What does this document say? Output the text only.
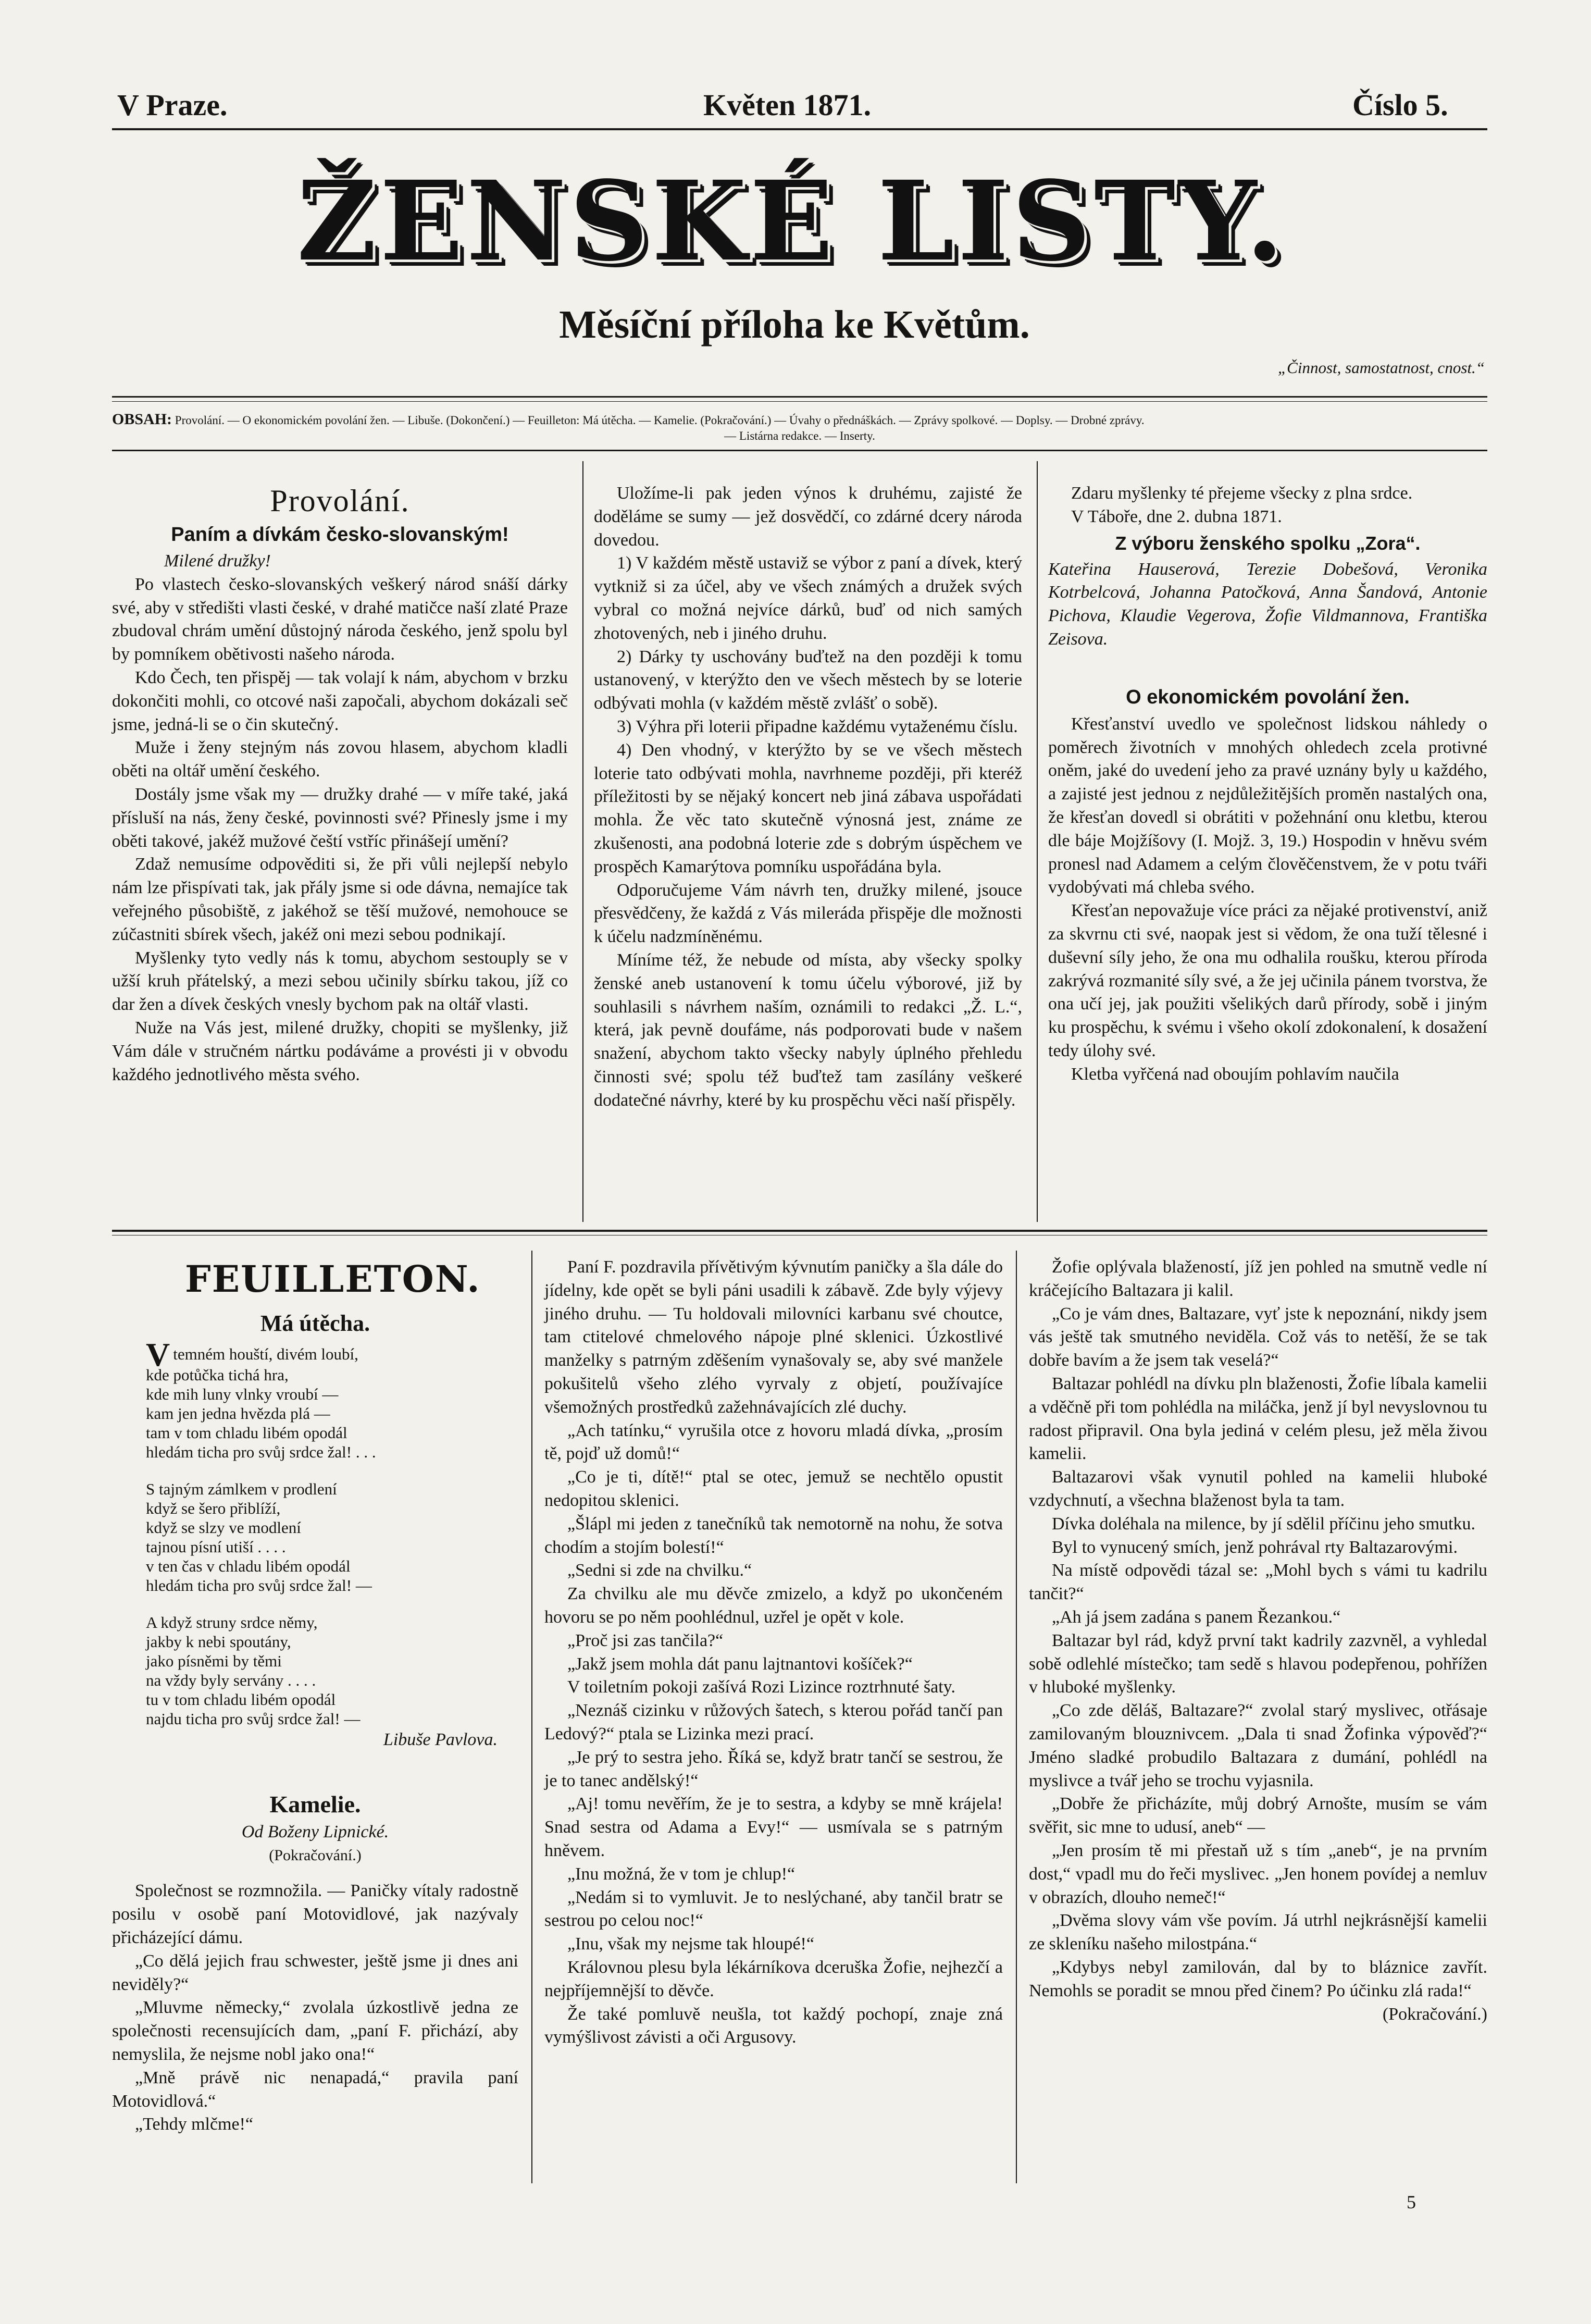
V Praze.	Květen 1871.	Číslo 5.
ŽENSKÉ LISTY.
Měsíční příloha ke Květům.
„Činnost, samostatnost, cnost.“
OBSAH: Provolání. — O ekonomickém povolání žen. — Libuše. (Dokončení.) — Feuilleton: Má útěcha. — Kamelie. (Pokračování.) — Úvahy o přednáškách. — Zprávy spolkové. — Doplsy. — Drobné zprávy.
— Listárna redakce. — Inserty.

Provolání.

Paním a dívkám česko-slovanským!

Milené družky!

Po vlastech česko-slovanských veškerý národ snáší dárky své, aby v středišti vlasti české, v drahé matičce naší zlaté Praze zbudoval chrám umění důstojný národa českého, jenž spolu byl by pomníkem obětivosti našeho národa.

Kdo Čech, ten přispěj — tak volají k nám, abychom v brzku dokončiti mohli, co otcové naši započali, abychom dokázali seč jsme, jedná-li se o čin skutečný.

Muže i ženy stejným nás zovou hlasem, abychom kladli oběti na oltář umění českého.

Dostály jsme však my — družky drahé — v míře také, jaká přísluší na nás, ženy české, povinnosti své? Přinesly jsme i my oběti takové, jakéž mužové čeští vstříc přinášejí umění?

Zdaž nemusíme odpověditi si, že při vůli nejlepší nebylo nám lze přispívati tak, jak přály jsme si ode dávna, nemajíce tak veřejného působiště, z jakéhož se těší mužové, nemohouce se zúčastniti sbírek všech, jakéž oni mezi sebou podnikají.

Myšlenky tyto vedly nás k tomu, abychom sestouply se v užší kruh přátelský, a mezi sebou učinily sbírku takou, jíž co dar žen a dívek českých vnesly bychom pak na oltář vlasti.

Nuže na Vás jest, milené družky, chopiti se myšlenky, již Vám dále v stručném nártku podáváme a provésti ji v obvodu každého jednotlivého města svého.

Uložíme-li pak jeden výnos k druhému, zajisté že doděláme se sumy — jež dosvědčí, co zdárné dcery národa dovedou.

1) V každém městě ustaviž se výbor z paní a dívek, který vytkniž si za účel, aby ve všech známých a družek svých vybral co možná nejvíce dárků, buď od nich samých zhotovených, neb i jiného druhu.

2) Dárky ty uschovány buďtež na den později k tomu ustanovený, v kterýžto den ve všech městech by se loterie odbývati mohla (v každém městě zvlášť o sobě).

3) Výhra při loterii připadne každému vytaženému číslu.

4) Den vhodný, v kterýžto by se ve všech městech loterie tato odbývati mohla, navrhneme později, při kteréž příležitosti by se nějaký koncert neb jiná zábava uspořádati mohla. Že věc tato skutečně výnosná jest, známe ze zkušenosti, ana podobná loterie zde s dobrým úspěchem ve prospěch Kamarýtova pomníku uspořádána byla.

Odporučujeme Vám návrh ten, družky milené, jsouce přesvědčeny, že každá z Vás mileráda přispěje dle možnosti k účelu nadzmíněnému.

Míníme též, že nebude od místa, aby všecky spolky ženské aneb ustanovení k tomu účelu výborové, již by souhlasili s návrhem naším, oznámili to redakci „Ž. L.“, která, jak pevně doufáme, nás podporovati bude v našem snažení, abychom takto všecky nabyly úplného přehledu činnosti své; spolu též buďtež tam zasílány veškeré dodatečné návrhy, které by ku prospěchu věci naší přispěly.

Zdaru myšlenky té přejeme všecky z plna srdce.

V Táboře, dne 2. dubna 1871.

Z výboru ženského spolku „Zora“.

Kateřina Hauserová, Terezie Dobešová, Veronika Kotrbelcová, Johanna Patočková, Anna Šandová, Antonie Pichova, Klaudie Vegerova, Žofie Vildmannova, Františka Zeisova.

O ekonomickém povolání žen.

Křesťanství uvedlo ve společnost lidskou náhledy o poměrech životních v mnohých ohledech zcela protivné oněm, jaké do uvedení jeho za pravé uznány byly u každého, a zajisté jest jednou z nejdůležitějších proměn nastalých ona, že křesťan dovedl si obrátiti v požehnání onu kletbu, kterou dle báje Mojžíšovy (I. Mojž. 3, 19.) Hospodin v hněvu svém pronesl nad Adamem a celým člověčenstvem, že v potu tváři vydobývati má chleba svého.

Křesťan nepovažuje více práci za nějaké protivenství, aniž za skvrnu cti své, naopak jest si vědom, že ona tuží tělesné i duševní síly jeho, že ona mu odhalila roušku, kterou příroda zakrývá rozmanité síly své, a že jej učinila pánem tvorstva, že ona učí jej, jak použiti všelikých darů přírody, sobě i jiným ku prospěchu, k svému i všeho okolí zdokonalení, k dosažení tedy úlohy své.

Kletba vyřčená nad oboujím pohlavím naučila

FEUILLETON.

Má útěcha.

V temném houští, divém loubí,
kde potůčka tichá hra,
kde mih luny vlnky vroubí —
kam jen jedna hvězda plá —
tam v tom chladu libém opodál
hledám ticha pro svůj srdce žal! . . .
S tajným zámlkem v prodlení
když se šero přiblíží,
když se slzy ve modlení
tajnou písní utiší . . . .
v ten čas v chladu libém opodál
hledám ticha pro svůj srdce žal! —
A když struny srdce němy,
jakby k nebi spoutány,
jako písněmi by těmi
na vždy byly servány . . . .
tu v tom chladu libém opodál
najdu ticha pro svůj srdce žal! —

Libuše Pavlova.

Kamelie.

Od Boženy Lipnické.

(Pokračování.)

Společnost se rozmnožila. — Paničky vítaly radostně posilu v osobě paní Motovidlové, jak nazývaly přicházející dámu.

„Co dělá jejich frau schwester, ještě jsme ji dnes ani neviděly?“

„Mluvme německy,“ zvolala úzkostlivě jedna ze společnosti recensujících dam, „paní F. přichází, aby nemyslila, že nejsme nobl jako ona!“

„Mně právě nic nenapadá,“ pravila paní Motovidlová.“

„Tehdy mlčme!“

Paní F. pozdravila přívětivým kývnutím paničky a šla dále do jídelny, kde opět se byli páni usadili k zábavě. Zde byly výjevy jiného druhu. — Tu holdovali milovníci karbanu své choutce, tam ctitelové chmelového nápoje plné sklenici. Úzkostlivé manželky s patrným zděšením vynašovaly se, aby své manžele pokušitelů všeho zlého vyrvaly z objetí, používajíce všemožných prostředků zažehnávajících zlé duchy.

„Ach tatínku,“ vyrušila otce z hovoru mladá dívka, „prosím tě, pojď už domů!“

„Co je ti, dítě!“ ptal se otec, jemuž se nechtělo opustit nedopitou sklenici.

„Šlápl mi jeden z tanečníků tak nemotorně na nohu, že sotva chodím a stojím bolestí!“

„Sedni si zde na chvilku.“

Za chvilku ale mu děvče zmizelo, a když po ukončeném hovoru se po něm poohlédnul, uzřel je opět v kole.

„Proč jsi zas tančila?“

„Jakž jsem mohla dát panu lajtnantovi košíček?“

V toiletním pokoji zašívá Rozi Lizince roztrhnuté šaty.

„Neznáš cizinku v růžových šatech, s kterou pořád tančí pan Ledový?“ ptala se Lizinka mezi prací.

„Je prý to sestra jeho. Říká se, když bratr tančí se sestrou, že je to tanec andělský!“

„Aj! tomu nevěřím, že je to sestra, a kdyby se mně krájela! Snad sestra od Adama a Evy!“ — usmívala se s patrným hněvem.

„Inu možná, že v tom je chlup!“

„Nedám si to vymluvit. Je to neslýchané, aby tančil bratr se sestrou po celou noc!“

„Inu, však my nejsme tak hloupé!“

Královnou plesu byla lékárníkova dceruška Žofie, nejhezčí a nejpříjemnější to děvče.

Že také pomluvě neušla, tot každý pochopí, znaje zná vymýšlivost závisti a oči Argusovy.

Žofie oplývala blažeností, jíž jen pohled na smutně vedle ní kráčejícího Baltazara ji kalil.

„Co je vám dnes, Baltazare, vyť jste k nepoznání, nikdy jsem vás ještě tak smutného neviděla. Což vás to netěší, že se tak dobře bavím a že jsem tak veselá?“

Baltazar pohlédl na dívku pln blaženosti, Žofie líbala kamelii a vděčně při tom pohlédla na miláčka, jenž jí byl nevyslovnou tu radost připravil. Ona byla jediná v celém plesu, jež měla živou kamelii.

Baltazarovi však vynutil pohled na kamelii hluboké vzdychnutí, a všechna blaženost byla ta tam.

Dívka doléhala na milence, by jí sdělil příčinu jeho smutku.

Byl to vynucený smích, jenž pohrával rty Baltazarovými.

Na místě odpovědi tázal se: „Mohl bych s vámi tu kadrilu tančit?“

„Ah já jsem zadána s panem Řezankou.“

Baltazar byl rád, když první takt kadrily zazvněl, a vyhledal sobě odlehlé místečko; tam sedě s hlavou podepřenou, pohřížen v hluboké myšlenky.

„Co zde děláš, Baltazare?“ zvolal starý myslivec, otřásaje zamilovaným blouznivcem. „Dala ti snad Žofinka výpověď?“ Jméno sladké probudilo Baltazara z dumání, pohlédl na myslivce a tvář jeho se trochu vyjasnila.

„Dobře že přicházíte, můj dobrý Arnošte, musím se vám svěřit, sic mne to udusí, aneb“ —

„Jen prosím tě mi přestaň už s tím „aneb“, je na prvním dost,“ vpadl mu do řeči myslivec. „Jen honem povídej a nemluv v obrazích, dlouho nemeč!“

„Dvěma slovy vám vše povím. Já utrhl nejkrásnější kamelii ze skleníku našeho milostpána.“

„Kdybys nebyl zamilován, dal by to bláznice zavřít. Nemohls se poradit se mnou před činem? Po účinku zlá rada!“

(Pokračování.)

5
